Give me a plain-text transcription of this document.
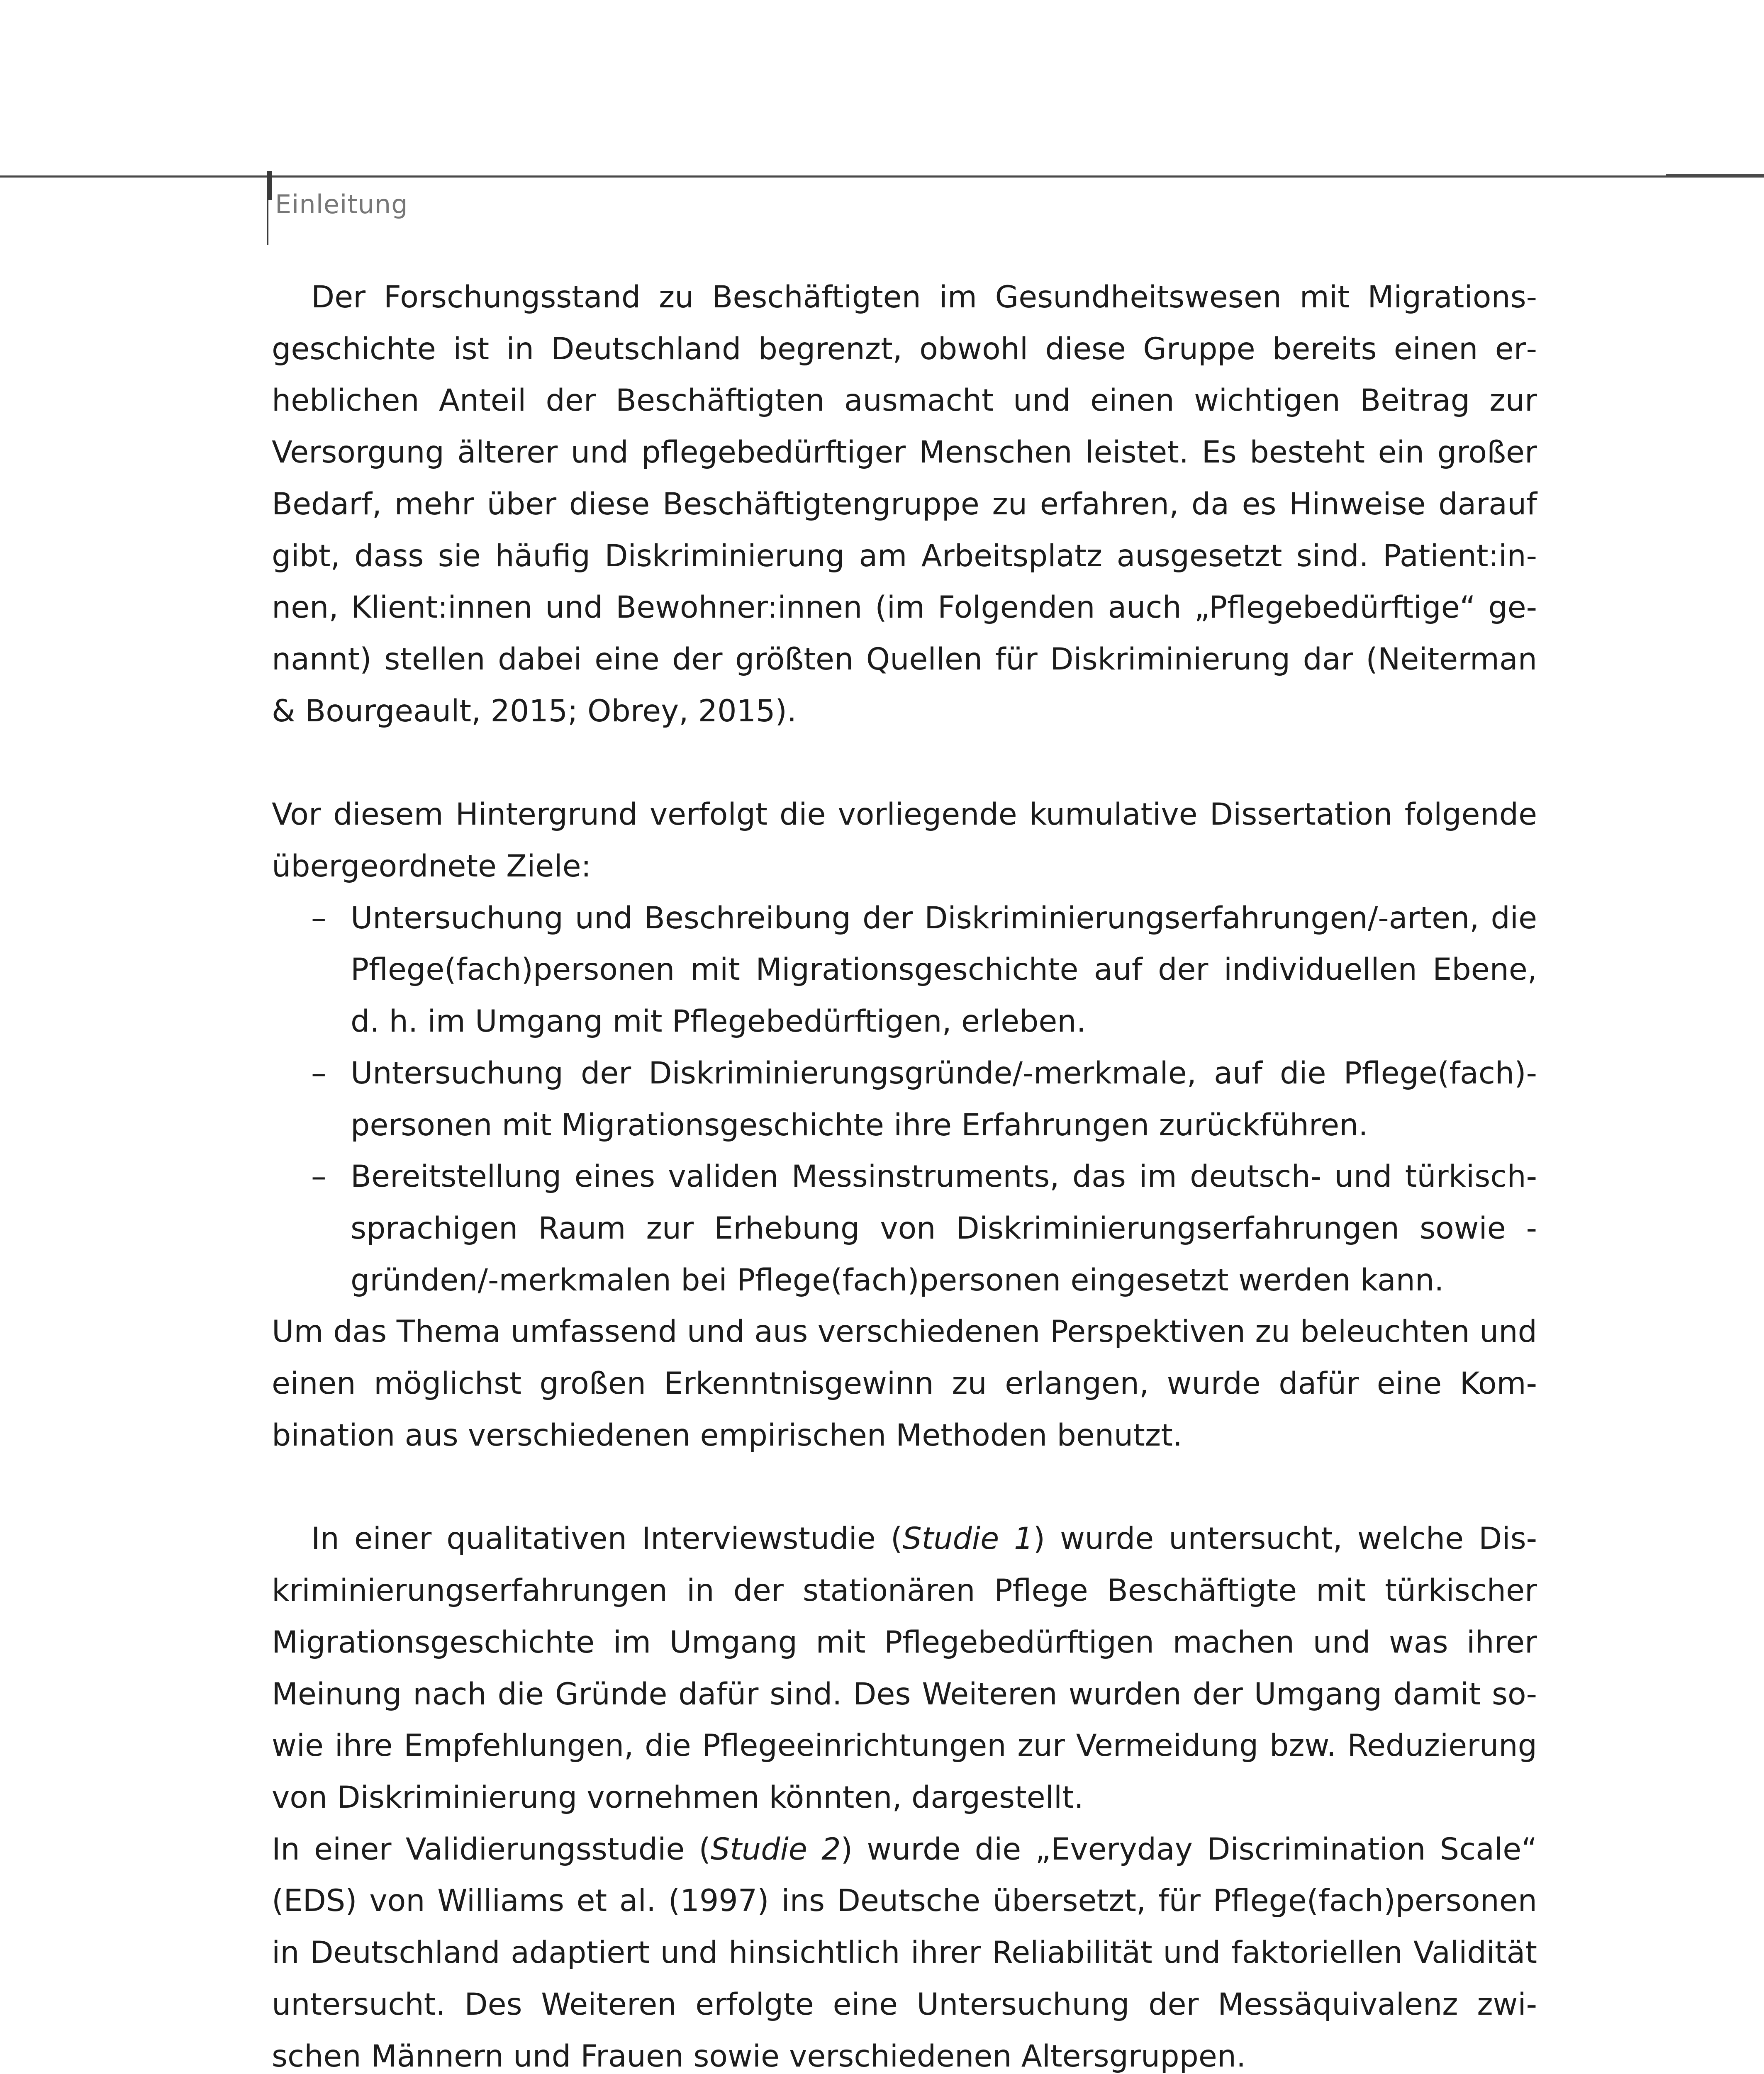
Einleitung

Der Forschungsstand zu Beschäftigten im Gesundheitswesen mit Migrationsgeschichte ist in Deutschland begrenzt, obwohl diese Gruppe bereits einen erheblichen Anteil der Beschäftigten ausmacht und einen wichtigen Beitrag zur Versorgung älterer und pflegebedürftiger Menschen leistet. Es besteht ein großer Bedarf, mehr über diese Beschäftigtengruppe zu erfahren, da es Hinweise darauf gibt, dass sie häufig Diskriminierung am Arbeitsplatz ausgesetzt sind. Patient:innen, Klient:innen und Bewohner:innen (im Folgenden auch „Pflegebedürftige“ genannt) stellen dabei eine der größten Quellen für Diskriminierung dar (Neiterman & Bourgeault, 2015; Obrey, 2015).

Vor diesem Hintergrund verfolgt die vorliegende kumulative Dissertation folgende übergeordnete Ziele:

– Untersuchung und Beschreibung der Diskriminierungserfahrungen/-arten, die Pflege(fach)personen mit Migrationsgeschichte auf der individuellen Ebene, d. h. im Umgang mit Pflegebedürftigen, erleben.
– Untersuchung der Diskriminierungsgründe/-merkmale, auf die Pflege(fach)personen mit Migrationsgeschichte ihre Erfahrungen zurückführen.
– Bereitstellung eines validen Messinstruments, das im deutsch- und türkischsprachigen Raum zur Erhebung von Diskriminierungserfahrungen sowie -gründen/-merkmalen bei Pflege(fach)personen eingesetzt werden kann.

Um das Thema umfassend und aus verschiedenen Perspektiven zu beleuchten und einen möglichst großen Erkenntnisgewinn zu erlangen, wurde dafür eine Kombination aus verschiedenen empirischen Methoden benutzt.

In einer qualitativen Interviewstudie (Studie 1) wurde untersucht, welche Diskriminierungserfahrungen in der stationären Pflege Beschäftigte mit türkischer Migrationsgeschichte im Umgang mit Pflegebedürftigen machen und was ihrer Meinung nach die Gründe dafür sind. Des Weiteren wurden der Umgang damit sowie ihre Empfehlungen, die Pflegeeinrichtungen zur Vermeidung bzw. Reduzierung von Diskriminierung vornehmen könnten, dargestellt.

In einer Validierungsstudie (Studie 2) wurde die „Everyday Discrimination Scale“ (EDS) von Williams et al. (1997) ins Deutsche übersetzt, für Pflege(fach)personen in Deutschland adaptiert und hinsichtlich ihrer Reliabilität und faktoriellen Validität untersucht. Des Weiteren erfolgte eine Untersuchung der Messäquivalenz zwischen Männern und Frauen sowie verschiedenen Altersgruppen.
